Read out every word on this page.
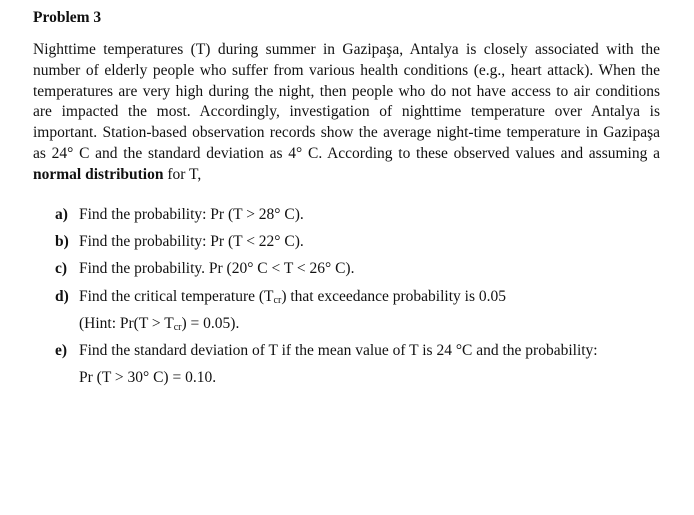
Problem 3
Nighttime temperatures (T) during summer in Gazipaşa, Antalya is closely associated with the
number of elderly people who suffer from various health conditions (e.g., heart attack). When the
temperatures are very high during the night, then people who do not have access to air conditions
are impacted the most. Accordingly, investigation of nighttime temperature over Antalya is
important. Station-based observation records show the average night-time temperature in Gazipaşa
as 24° C and the standard deviation as 4° C. According to these observed values and assuming a
normal distribution for T,
a) Find the probability: Pr (T > 28° C).
b) Find the probability: Pr (T < 22° C).
c) Find the probability. Pr (20° C < T < 26° C).
d) Find the critical temperature $(T_{cr})$ that exceedance probability is 0.05
(Hint: $Pr(T > T_{cr}) = 0.05$).
e) Find the standard deviation of T if the mean value of T is 24 °C and the probability:
Pr (T > 30° C) = 0.10.
